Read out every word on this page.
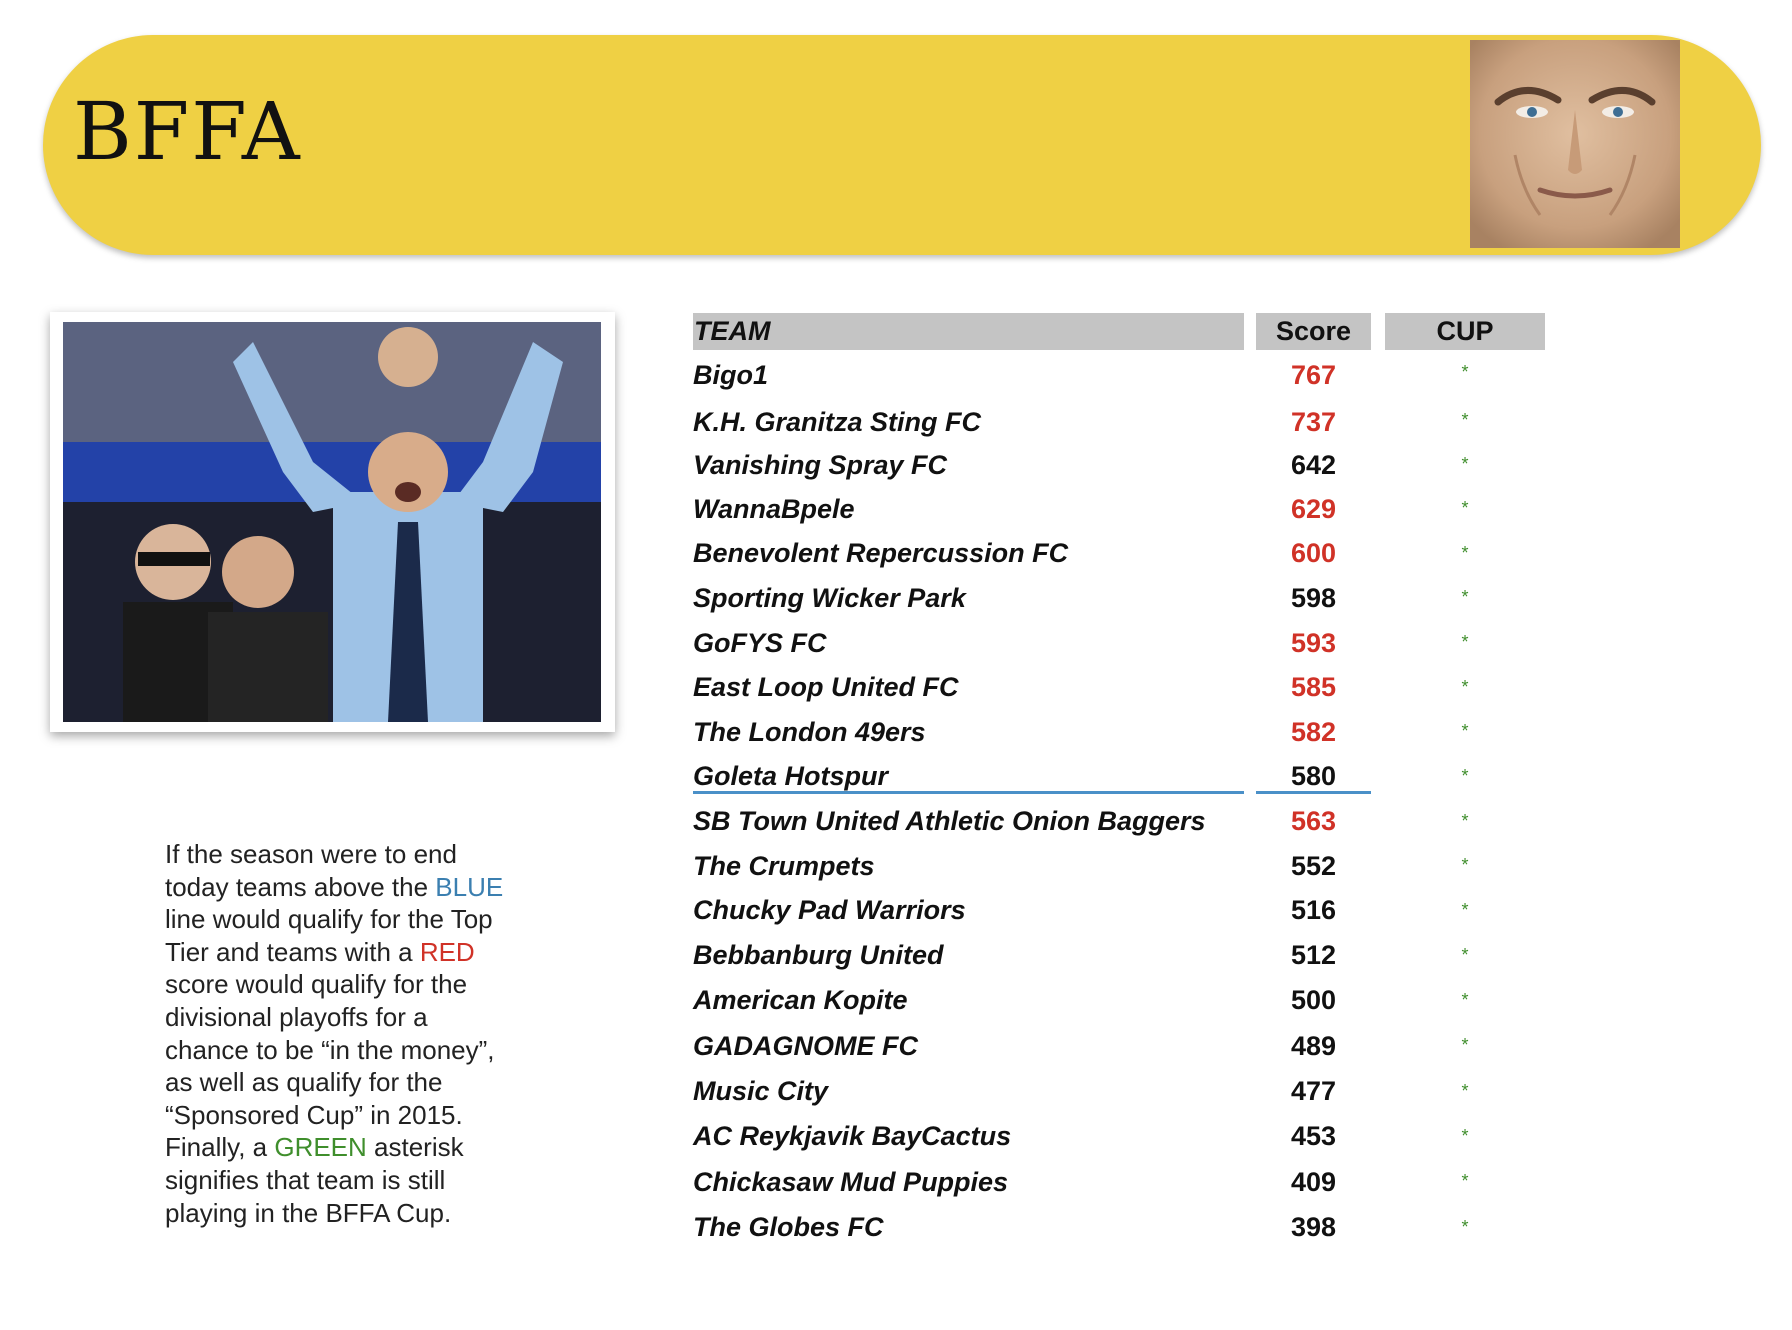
BFFA
If the season were to end today teams above the BLUE line would qualify for the Top Tier and teams with a RED score would qualify for the divisional playoffs for a chance to be “in the money”, as well as qualify for the “Sponsored Cup” in 2015. Finally, a GREEN asterisk signifies that team is still playing in the BFFA Cup.
TEAM	Score	CUP
Bigo1	767	*
K.H. Granitza Sting FC	737	*
Vanishing Spray FC	642	*
WannaBpele	629	*
Benevolent Repercussion FC	600	*
Sporting Wicker Park	598	*
GoFYS FC	593	*
East Loop United FC	585	*
The London 49ers	582	*
Goleta Hotspur	580	*
SB Town United Athletic Onion Baggers	563	*
The Crumpets	552	*
Chucky Pad Warriors	516	*
Bebbanburg United	512	*
American Kopite	500	*
GADAGNOME FC	489	*
Music City	477	*
AC Reykjavik BayCactus	453	*
Chickasaw Mud Puppies	409	*
The Globes FC	398	*
